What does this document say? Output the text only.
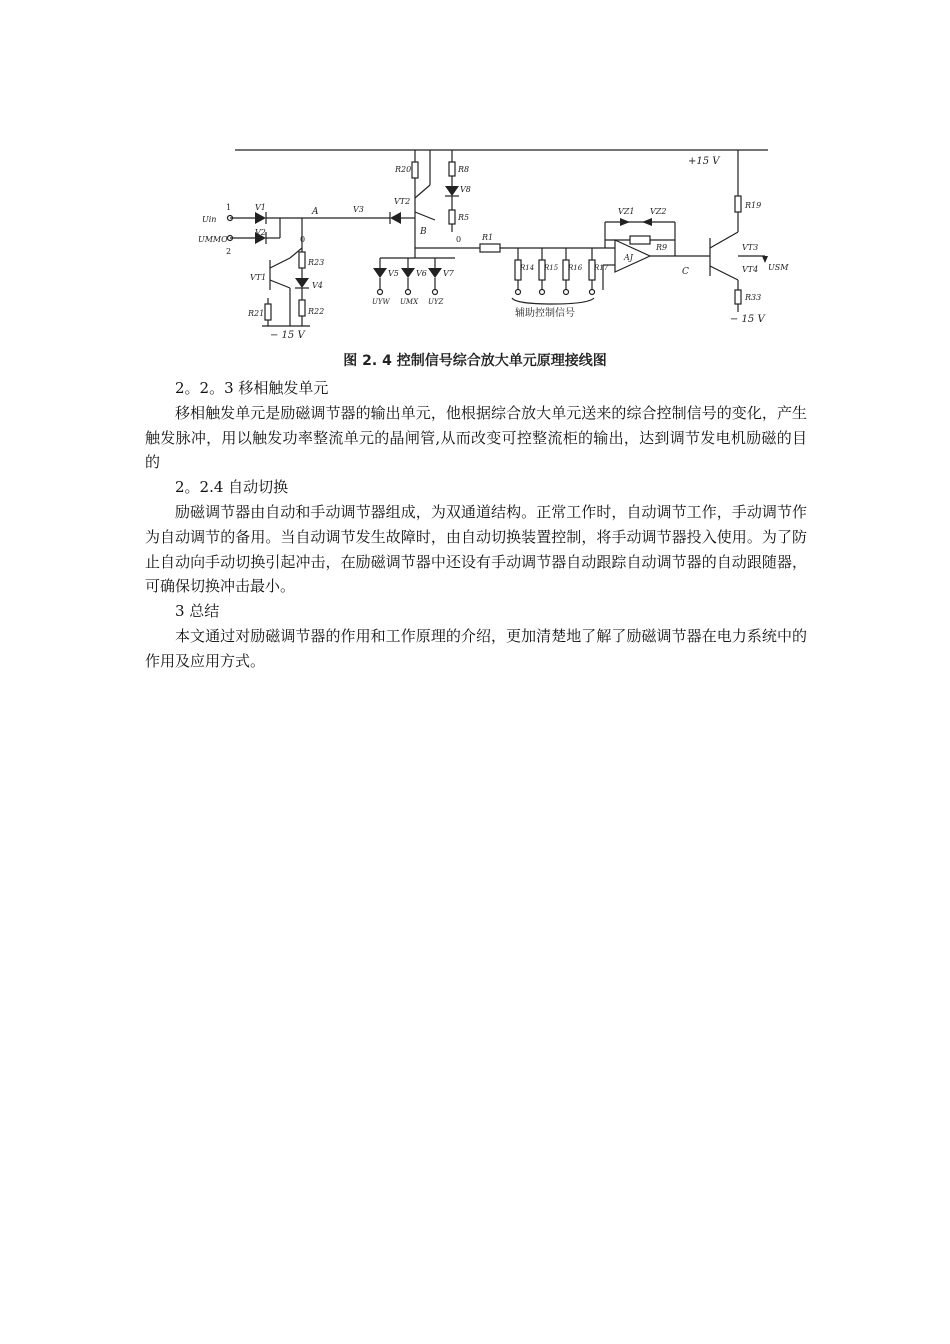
+15 V
− 15 V
− 15 V
R20	R8
R5
R1
R9
R19
R21	R22
R23
R33
R14 R15 R16 R17
V1
V2
V3
V4
V5 V6 V7
V8
VT1
VT2
VT3
VT4
VZ1 VZ2
AJ
A
B
C
0	0
1
2
Uin
UMMO
UYW UMX UYZ
USM
辅助控制信号
图 2. 4 控制信号综合放大单元原理接线图

2。2。3 移相触发单元

移相触发单元是励磁调节器的输出单元，他根据综合放大单元送来的综合控制信号的变化，产生触发脉冲，用以触发功率整流单元的晶闸管,从而改变可控整流柜的输出，达到调节发电机励磁的目的

2。2.4 自动切换

励磁调节器由自动和手动调节器组成，为双通道结构。正常工作时，自动调节工作，手动调节作为自动调节的备用。当自动调节发生故障时，由自动切换装置控制，将手动调节器投入使用。为了防止自动向手动切换引起冲击，在励磁调节器中还设有手动调节器自动跟踪自动调节器的自动跟随器，可确保切换冲击最小。

3 总结

本文通过对励磁调节器的作用和工作原理的介绍，更加清楚地了解了励磁调节器在电力系统中的作用及应用方式。
